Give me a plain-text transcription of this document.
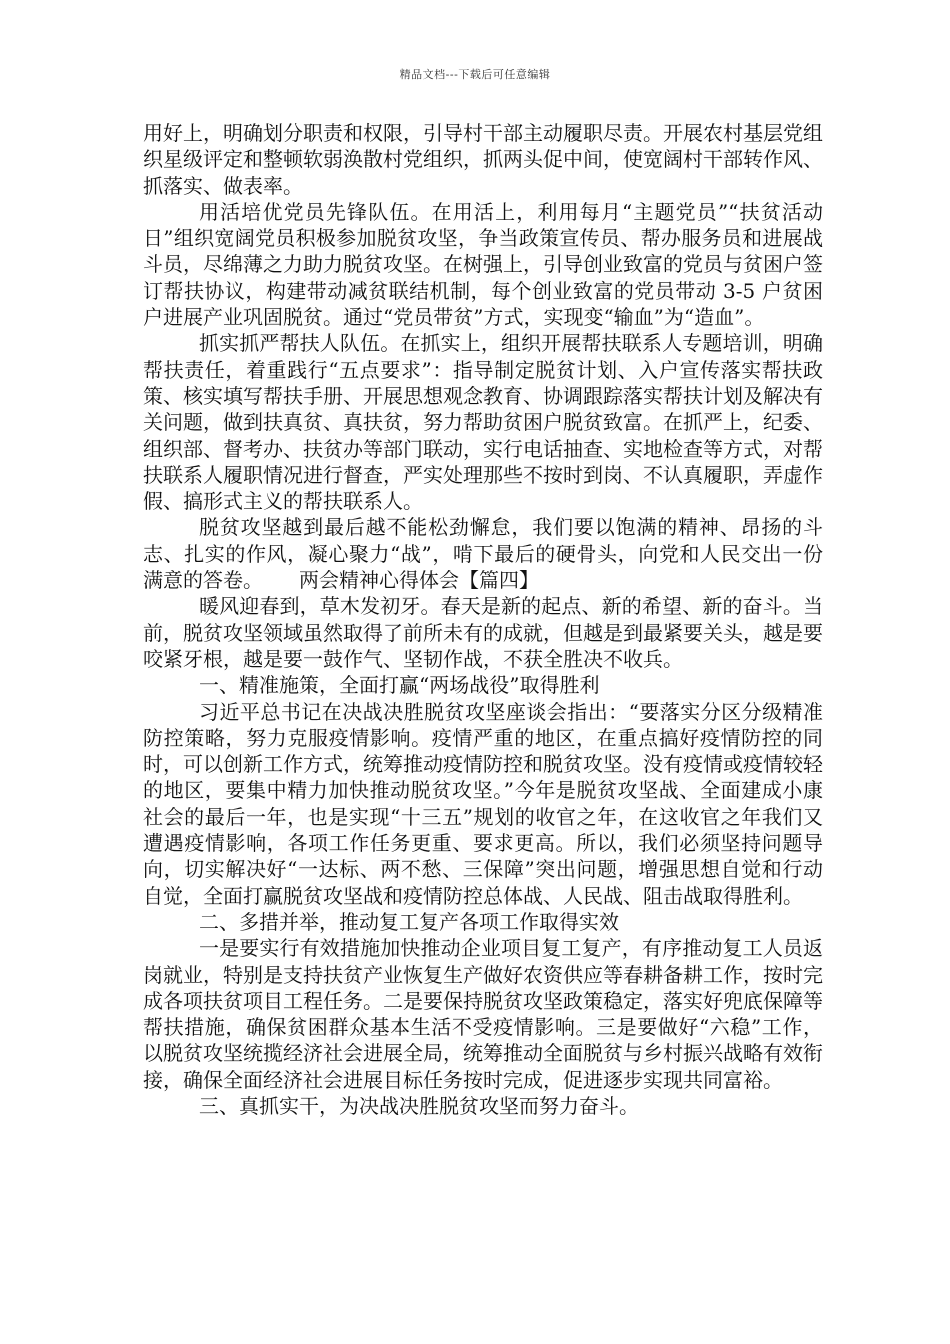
精品文档---下载后可任意编辑

用好上，明确划分职责和权限，引导村干部主动履职尽责。开展农村基层党组织星级评定和整顿软弱涣散村党组织，抓两头促中间，使宽阔村干部转作风、抓落实、做表率。

用活培优党员先锋队伍。在用活上，利用每月“主题党员”“扶贫活动日”组织宽阔党员积极参加脱贫攻坚，争当政策宣传员、帮办服务员和进展战斗员，尽绵薄之力助力脱贫攻坚。在树强上，引导创业致富的党员与贫困户签订帮扶协议，构建带动减贫联结机制，每个创业致富的党员带动 3-5 户贫困户进展产业巩固脱贫。通过“党员带贫”方式，实现变“输血”为“造血”。

抓实抓严帮扶人队伍。在抓实上，组织开展帮扶联系人专题培训，明确帮扶责任，着重践行“五点要求”：指导制定脱贫计划、入户宣传落实帮扶政策、核实填写帮扶手册、开展思想观念教育、协调跟踪落实帮扶计划及解决有关问题，做到扶真贫、真扶贫，努力帮助贫困户脱贫致富。在抓严上，纪委、组织部、督考办、扶贫办等部门联动，实行电话抽查、实地检查等方式，对帮扶联系人履职情况进行督查，严实处理那些不按时到岗、不认真履职，弄虚作假、搞形式主义的帮扶联系人。

脱贫攻坚越到最后越不能松劲懈怠，我们要以饱满的精神、昂扬的斗志、扎实的作风，凝心聚力“战”，啃下最后的硬骨头，向党和人民交出一份满意的答卷。 两会精神心得体会【篇四】

暖风迎春到，草木发初牙。春天是新的起点、新的希望、新的奋斗。当前，脱贫攻坚领域虽然取得了前所未有的成就，但越是到最紧要关头，越是要咬紧牙根，越是要一鼓作气、坚韧作战，不获全胜决不收兵。

一、精准施策，全面打赢“两场战役”取得胜利

习近平总书记在决战决胜脱贫攻坚座谈会指出：“要落实分区分级精准防控策略，努力克服疫情影响。疫情严重的地区，在重点搞好疫情防控的同时，可以创新工作方式，统筹推动疫情防控和脱贫攻坚。没有疫情或疫情较轻的地区，要集中精力加快推动脱贫攻坚。”今年是脱贫攻坚战、全面建成小康社会的最后一年，也是实现“十三五”规划的收官之年，在这收官之年我们又遭遇疫情影响，各项工作任务更重、要求更高。所以，我们必须坚持问题导向，切实解决好“一达标、两不愁、三保障”突出问题，增强思想自觉和行动自觉，全面打赢脱贫攻坚战和疫情防控总体战、人民战、阻击战取得胜利。

二、多措并举，推动复工复产各项工作取得实效

一是要实行有效措施加快推动企业项目复工复产，有序推动复工人员返岗就业，特别是支持扶贫产业恢复生产做好农资供应等春耕备耕工作，按时完成各项扶贫项目工程任务。二是要保持脱贫攻坚政策稳定，落实好兜底保障等帮扶措施，确保贫困群众基本生活不受疫情影响。三是要做好“六稳”工作，以脱贫攻坚统揽经济社会进展全局，统筹推动全面脱贫与乡村振兴战略有效衔接，确保全面经济社会进展目标任务按时完成，促进逐步实现共同富裕。

三、真抓实干，为决战决胜脱贫攻坚而努力奋斗。
